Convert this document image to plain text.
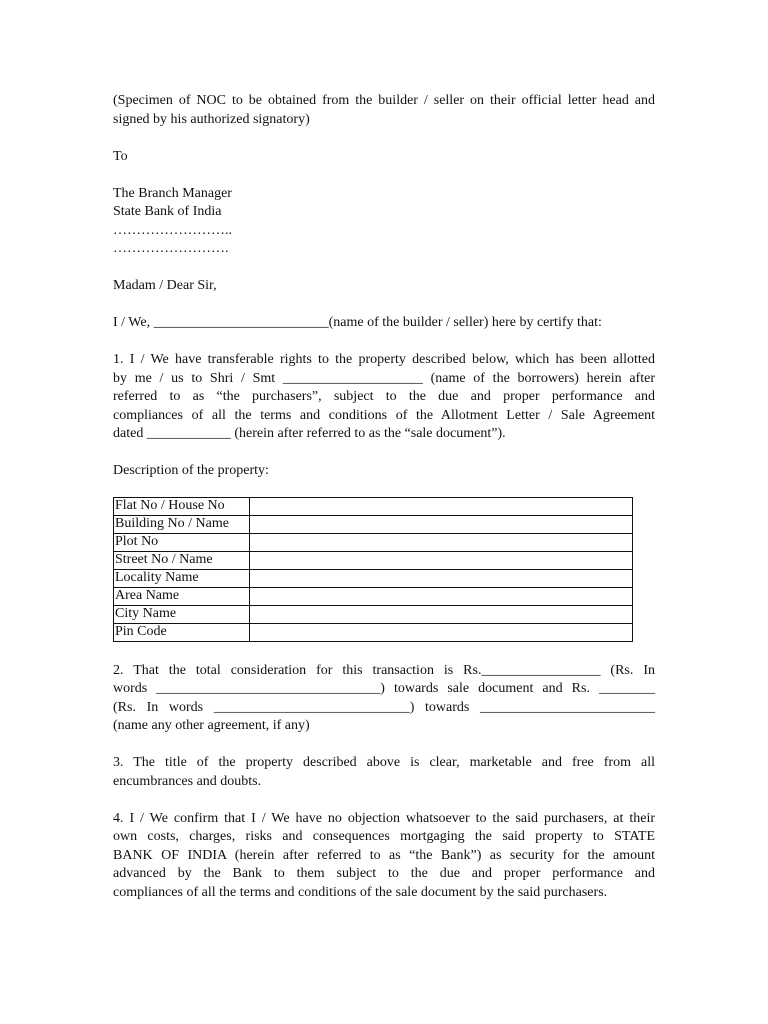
(Specimen of NOC to be obtained from the builder / seller on their official letter head and signed by his authorized signatory)

To

The Branch Manager
State Bank of India
……………………..
…………………….

Madam / Dear Sir,

I / We, _________________________(name of the builder / seller) here by certify that:

1. I / We have transferable rights to the property described below, which has been allotted
by me / us to Shri / Smt ____________________ (name of the borrowers) herein after
referred to as “the purchasers”, subject to the due and proper performance and
compliances of all the terms and conditions of the Allotment Letter / Sale Agreement
dated ____________ (herein after referred to as the “sale document”).

Description of the property:

Flat No / House No	
Building No / Name	
Plot No	
Street No / Name	
Locality Name	
Area Name	
City Name	
Pin Code	
2. That the total consideration for this transaction is Rs._________________ (Rs. In
words ________________________________) towards sale document and Rs. ________
(Rs. In words ____________________________) towards _________________________
(name any other agreement, if any)
3. The title of the property described above is clear, marketable and free from all
encumbrances and doubts.
4. I / We confirm that I / We have no objection whatsoever to the said purchasers, at their
own costs, charges, risks and consequences mortgaging the said property to STATE
BANK OF INDIA (herein after referred to as “the Bank”) as security for the amount
advanced by the Bank to them subject to the due and proper performance and
compliances of all the terms and conditions of the sale document by the said purchasers.
